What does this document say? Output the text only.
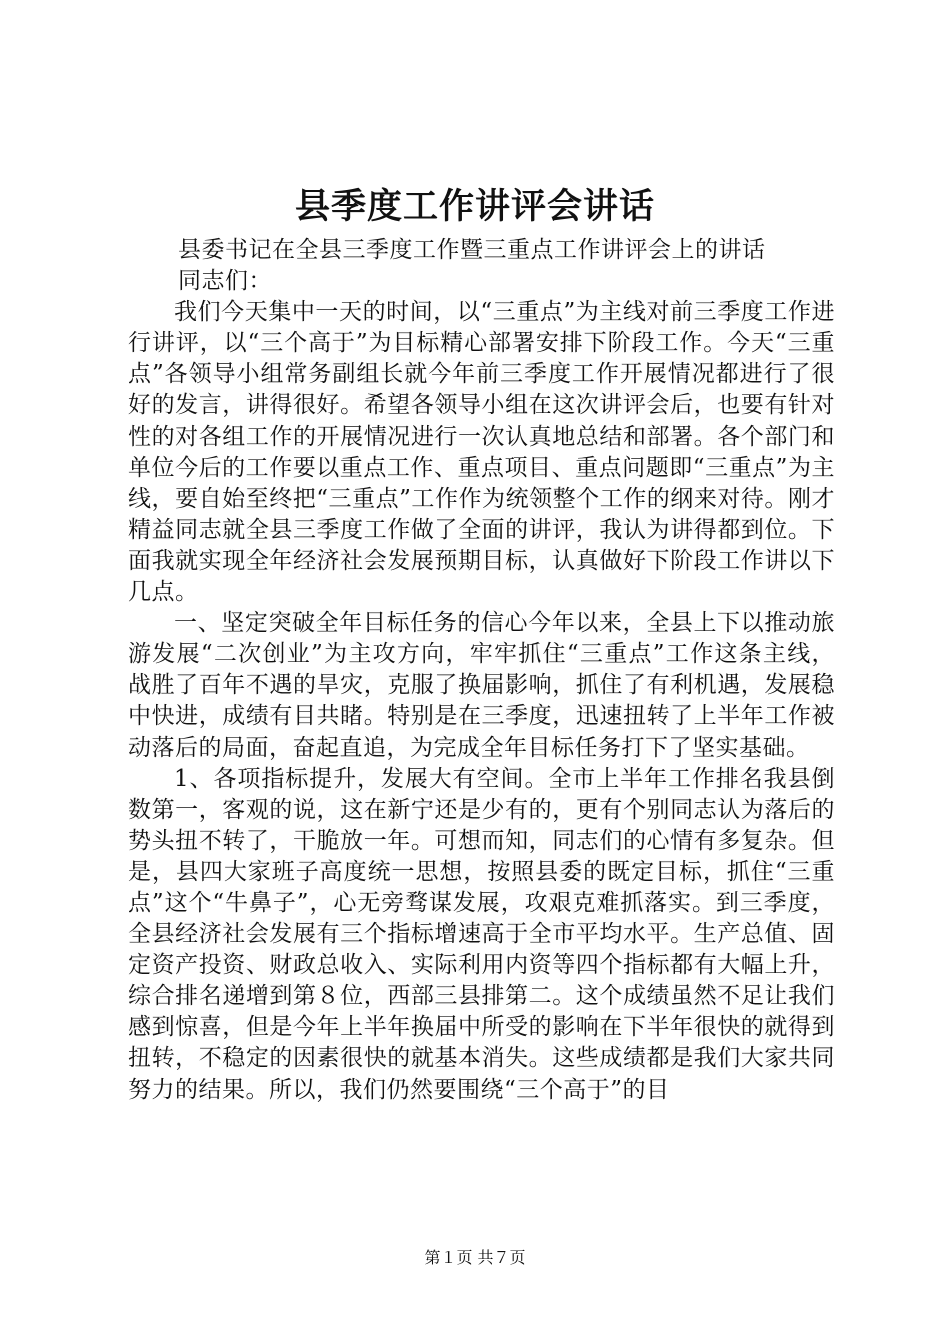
县季度工作讲评会讲话

县委书记在全县三季度工作暨三重点工作讲评会上的讲话

同志们：

我们今天集中一天的时间，以“三重点”为主线对前三季度工作进行讲评，以“三个高于”为目标精心部署安排下阶段工作。今天“三重点”各领导小组常务副组长就今年前三季度工作开展情况都进行了很好的发言，讲得很好。希望各领导小组在这次讲评会后，也要有针对性的对各组工作的开展情况进行一次认真地总结和部署。各个部门和单位今后的工作要以重点工作、重点项目、重点问题即“三重点”为主线，要自始至终把“三重点”工作作为统领整个工作的纲来对待。刚才精益同志就全县三季度工作做了全面的讲评，我认为讲得都到位。下面我就实现全年经济社会发展预期目标，认真做好下阶段工作讲以下几点。

一、坚定突破全年目标任务的信心今年以来，全县上下以推动旅游发展“二次创业”为主攻方向，牢牢抓住“三重点”工作这条主线，战胜了百年不遇的旱灾，克服了换届影响，抓住了有利机遇，发展稳中快进，成绩有目共睹。特别是在三季度，迅速扭转了上半年工作被动落后的局面，奋起直追，为完成全年目标任务打下了坚实基础。

1、各项指标提升，发展大有空间。全市上半年工作排名我县倒数第一，客观的说，这在新宁还是少有的，更有个别同志认为落后的势头扭不转了，干脆放一年。可想而知，同志们的心情有多复杂。但是，县四大家班子高度统一思想，按照县委的既定目标，抓住“三重点”这个“牛鼻子”，心无旁骛谋发展，攻艰克难抓落实。到三季度，全县经济社会发展有三个指标增速高于全市平均水平。生产总值、固定资产投资、财政总收入、实际利用内资等四个指标都有大幅上升，综合排名递增到第８位，西部三县排第二。这个成绩虽然不足让我们感到惊喜，但是今年上半年换届中所受的影响在下半年很快的就得到扭转，不稳定的因素很快的就基本消失。这些成绩都是我们大家共同努力的结果。所以，我们仍然要围绕“三个高于”的目

第１页 共７页
